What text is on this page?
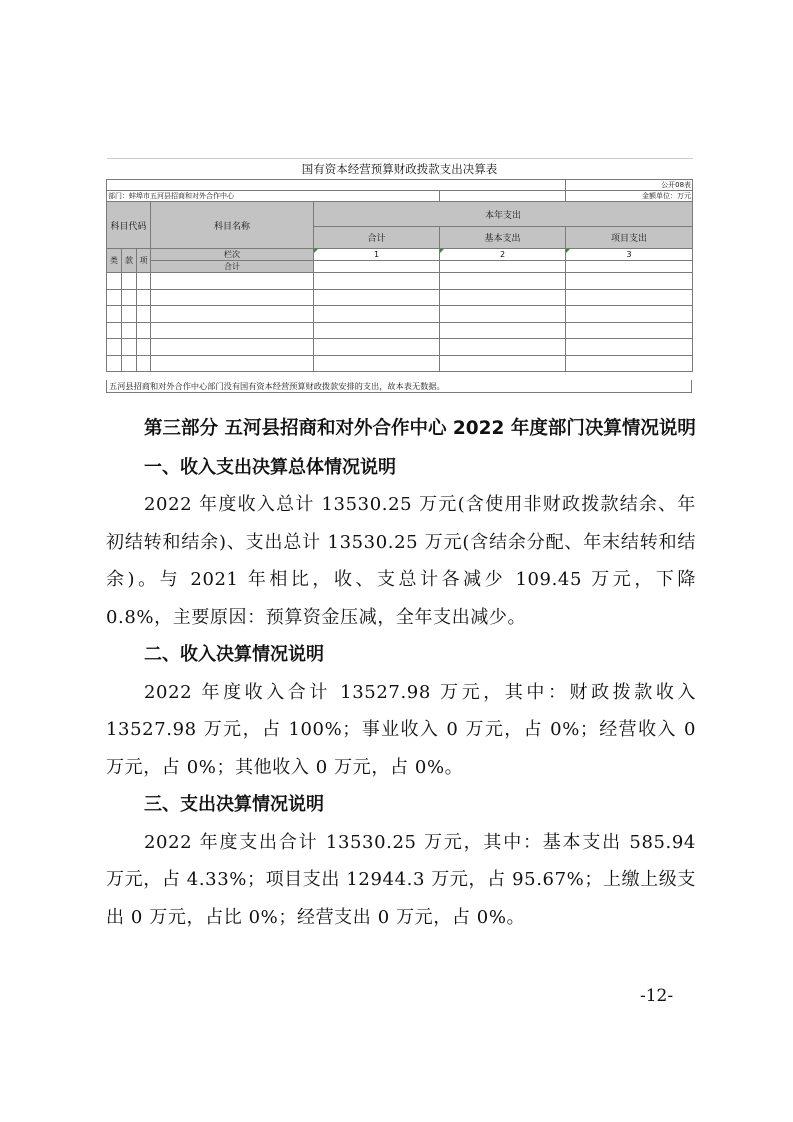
国有资本经营预算财政拨款支出决算表						
						公开08表
部门：蚌埠市五河县招商和对外合作中心						金额单位：万元
科目代码			科目名称	本年支出		
				合计	基本支出	项目支出
类	款	项	栏次	1	2	3
			合计			

五河县招商和对外合作中心部门没有国有资本经营预算财政拨款安排的支出，故本表无数据。

第三部分 五河县招商和对外合作中心 2022 年度部门决算情况说明

一、收入支出决算总体情况说明

2022 年度收入总计 13530.25 万元(含使用非财政拨款结余、年初结转和结余)、支出总计 13530.25 万元(含结余分配、年末结转和结余)。与 2021 年相比，收、支总计各减少 109.45 万元，下降 0.8%，主要原因：预算资金压减，全年支出减少。

二、收入决算情况说明

2022 年度收入合计 13527.98 万元，其中：财政拨款收入 13527.98 万元，占 100%；事业收入 0 万元，占 0%；经营收入 0 万元，占 0%；其他收入 0 万元，占 0%。

三、支出决算情况说明

2022 年度支出合计 13530.25 万元，其中：基本支出 585.94 万元，占 4.33%；项目支出 12944.3 万元，占 95.67%；上缴上级支出 0 万元，占比 0%；经营支出 0 万元，占 0%。

-12-
